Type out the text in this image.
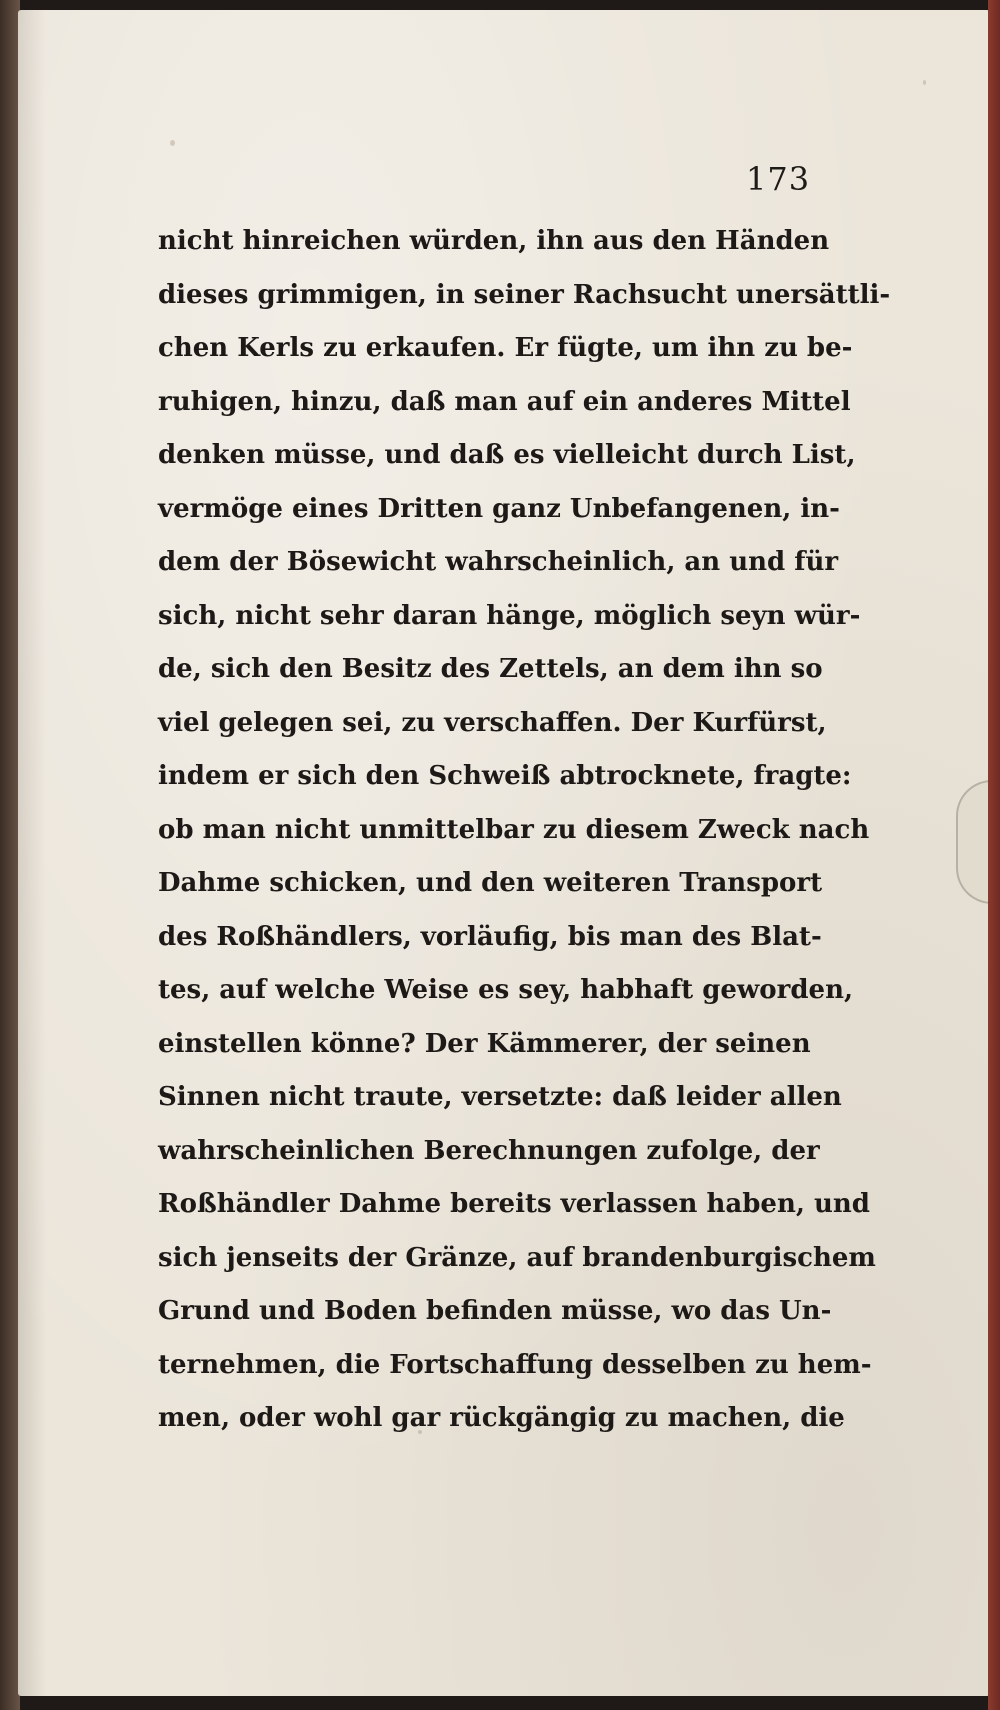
173
nicht hinreichen würden, ihn aus den Händen
dieses grimmigen, in seiner Rachsucht unersättli-
chen Kerls zu erkaufen. Er fügte, um ihn zu be-
ruhigen, hinzu, daß man auf ein anderes Mittel
denken müsse, und daß es vielleicht durch List,
vermöge eines Dritten ganz Unbefangenen, in-
dem der Bösewicht wahrscheinlich, an und für
sich, nicht sehr daran hänge, möglich seyn wür-
de, sich den Besitz des Zettels, an dem ihn so
viel gelegen sei, zu verschaffen. Der Kurfürst,
indem er sich den Schweiß abtrocknete, fragte:
ob man nicht unmittelbar zu diesem Zweck nach
Dahme schicken, und den weiteren Transport
des Roßhändlers, vorläufig, bis man des Blat-
tes, auf welche Weise es sey, habhaft geworden,
einstellen könne? Der Kämmerer, der seinen
Sinnen nicht traute, versetzte: daß leider allen
wahrscheinlichen Berechnungen zufolge, der
Roßhändler Dahme bereits verlassen haben, und
sich jenseits der Gränze, auf brandenburgischem
Grund und Boden befinden müsse, wo das Un-
ternehmen, die Fortschaffung desselben zu hem-
men, oder wohl gar rückgängig zu machen, die
